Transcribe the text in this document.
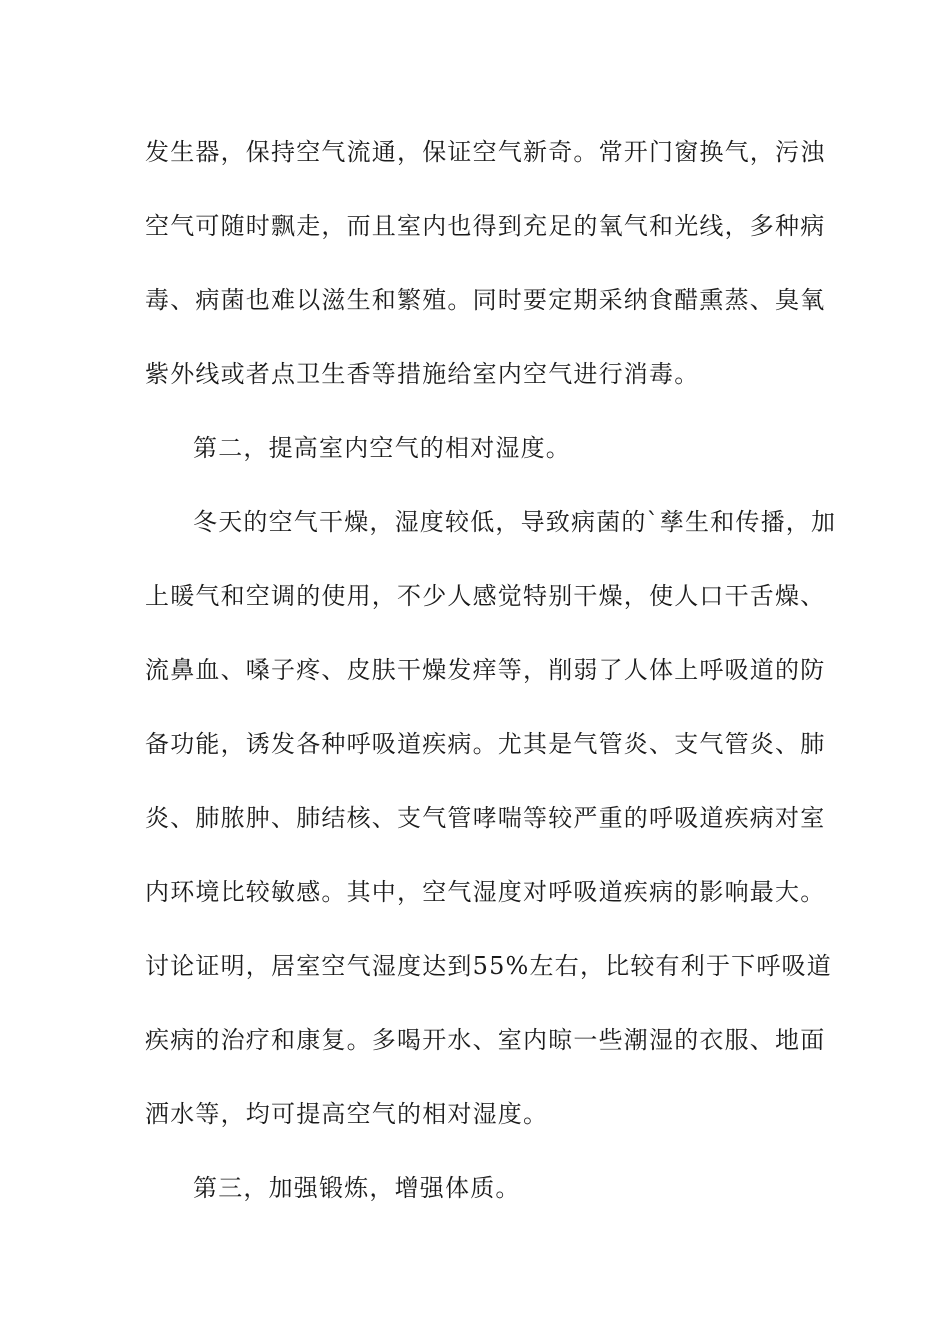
发生器，保持空气流通，保证空气新奇。常开门窗换气，污浊
空气可随时飘走，而且室内也得到充足的氧气和光线，多种病
毒、病菌也难以滋生和繁殖。同时要定期采纳食醋熏蒸、臭氧
紫外线或者点卫生香等措施给室内空气进行消毒。
第二，提高室内空气的相对湿度。
冬天的空气干燥，湿度较低，导致病菌的`孳生和传播，加
上暖气和空调的使用，不少人感觉特别干燥，使人口干舌燥、
流鼻血、嗓子疼、皮肤干燥发痒等，削弱了人体上呼吸道的防
备功能，诱发各种呼吸道疾病。尤其是气管炎、支气管炎、肺
炎、肺脓肿、肺结核、支气管哮喘等较严重的呼吸道疾病对室
内环境比较敏感。其中，空气湿度对呼吸道疾病的影响最大。
讨论证明，居室空气湿度达到55%左右，比较有利于下呼吸道
疾病的治疗和康复。多喝开水、室内晾一些潮湿的衣服、地面
洒水等，均可提高空气的相对湿度。
第三，加强锻炼，增强体质。
